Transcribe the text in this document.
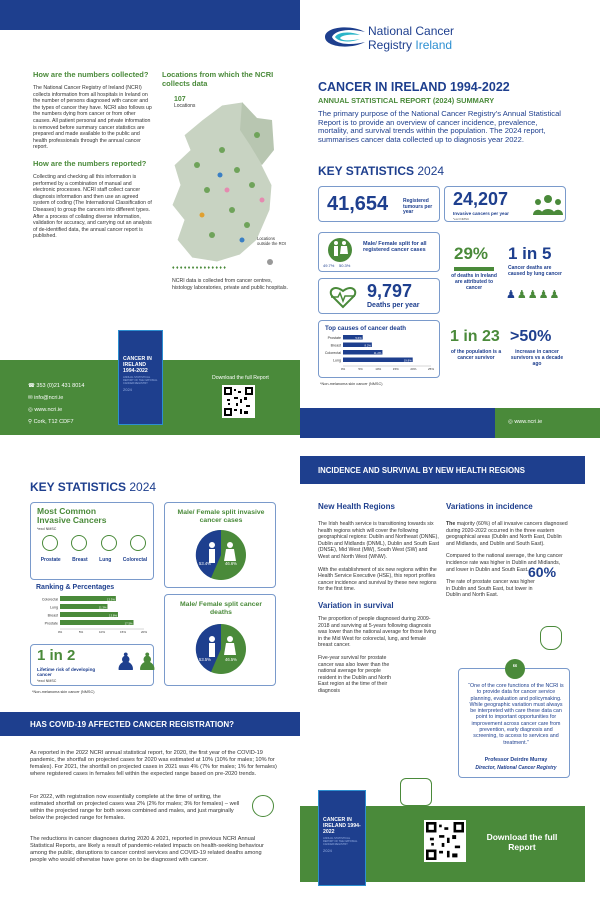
How are the numbers collected?
The National Cancer Registry of Ireland (NCRI) collects information from all hospitals in Ireland on the number of persons diagnosed with cancer and the types of cancer they have. NCRI also follows up the numbers dying from cancer or from other causes. All patient personal and private information is removed before summary cancer statistics are prepared and made available to the public and health professionals through the annual cancer report.
How are the numbers reported?
Collecting and checking all this information is performed by a combination of manual and electronic processes. NCRI staff collect cancer diagnosis information and then use an agreed system of coding (The International Classification of Diseases) to group the cancers into different types. After a process of collating diverse information, validation for accuracy, and carrying out an analysis of de-identified data, the annual cancer report is published.
Locations from which the NCRI collects data
107
Locations
Locations outside the ROI
♦♦♦♦♦♦♦♦♦♦♦♦♦♦
NCRI data is collected from cancer centres, histology laboratories, private and public hospitals.
☎ 353 (0)21 431 8014
✉ info@ncri.ie
◎ www.ncri.ie
⚲ Cork, T12 CDF7
CANCER IN IRELAND 1994-2022
ANNUAL STATISTICAL REPORT OF THE NATIONAL CANCER REGISTRY
2024
Download the full Report
National Cancer
Registry Ireland
CANCER IN IRELAND 1994-2022
ANNUAL STATISTICAL REPORT (2024) SUMMARY
The primary purpose of the National Cancer Registry’s Annual Statistical Report is to provide an overview of cancer incidence, prevalence, mortality, and survival trends within the population. The 2024 report, summarises cancer data collected up to diagnosis year 2022.
KEY STATISTICS 2024
41,654	Registered tumours per year
24,207
Invasive cancers per year
*excl NMSC
49.7% 50.3%
Male/ Female split for all registered cancer cases
9,797
Deaths per year
29%
of deaths in Ireland are attributed to cancer
1 in 5
Cancer deaths are caused by lung cancer
♟♟♟♟♟
Top causes of cancer death
Prostate	5.6%
Breast	8.2%
Colorectal	11.2%
Lung	19.8%
0%	5%	10%	15%	20%	25%
*Non-melanoma skin cancer (NMSC)
1 in 23
of the population is a cancer survivor
>50%
increase in cancer survivors vs a decade ago
◎ www.ncri.ie
KEY STATISTICS 2024
Most Common Invasive Cancers
*excl NMSC
Prostate Breast Lung Colorectal
Ranking & Percentages
Colorectal	13.3%
Lung	11.3%
Breast	13.8%
Prostate	17.5%
0%	5%	10%	15%	20%
1 in 2
Lifetime risk of developing cancer
*excl NMSC
♟♟
*Non-melanoma skin cancer (NMSC)
Male/ Female split invasive cancer cases
53.4%	46.6%
Male/ Female split cancer deaths
53.5%	46.5%
HAS COVID-19 AFFECTED CANCER REGISTRATION?
As reported in the 2022 NCRI annual statistical report, for 2020, the first year of the COVID-19 pandemic, the shortfall on projected cases for 2020 was estimated at 10% (10% for males; 10% for females). For 2021, the shortfall on projected cases in 2021 was 4% (7% for males; 1% for females) where registered cases in females fell within the expected range based on pre-2020 trends.
For 2022, with registration now essentially complete at the time of writing, the estimated shortfall on projected cases was 2% (2% for males; 3% for females) – well within the projected range for both sexes combined and males, and just marginally below the projected range for females.
The reductions in cancer diagnoses during 2020 & 2021, reported in previous NCRI Annual Statistical Reports, are likely a result of pandemic-related impacts on health-seeking behaviour among the public, disruptions to cancer control services and COVID-19 related deaths among people who would otherwise have gone on to be diagnosed with cancer.
INCIDENCE AND SURVIVAL BY NEW HEALTH REGIONS
New Health Regions
The Irish health service is transitioning towards six health regions which will cover the following geographical regions: Dublin and Northeast (DNNE), Dublin and Midlands (DNML), Dublin and South East (DNSE), Mid West (MW), South West (SW) and West and North West (WNW).
With the establishment of six new regions within the Health Service Executive (HSE), this report profiles cancer incidence and survival by these new regions for the first time.
Variation in survival
The proportion of people diagnosed during 2009-2018 and surviving at 5-years following diagnosis was lower than the national average for those living in the Mid West for colorectal, lung, and female breast cancer.
Five-year survival for prostate cancer was also lower than the national average for people resident in the Dublin and North East region at the time of their diagnosis
Variations in incidence
The majority (60%) of all invasive cancers diagnosed during 2020-2022 occurred in the three eastern geographical areas (Dublin and North East, Dublin and Midlands, and Dublin and South East).
60%
Compared to the national average, the lung cancer incidence rate was higher in Dublin and Midlands, and lower in Dublin and South East.
The rate of prostate cancer was higher in Dublin and South East, but lower in Dublin and North East.
“
“One of the core functions of the NCRI is to provide data for cancer service planning, evaluation and policymaking. While geographic variation must always be interpreted with care these data can point to important opportunities for improvement across cancer care from prevention, early diagnosis and screening, to access to services and treatment.”
Professor Deirdre Murray
Director, National Cancer Registry
CANCER IN IRELAND 1994-2022
ANNUAL STATISTICAL REPORT OF THE NATIONAL CANCER REGISTRY
2024
Download the full Report
